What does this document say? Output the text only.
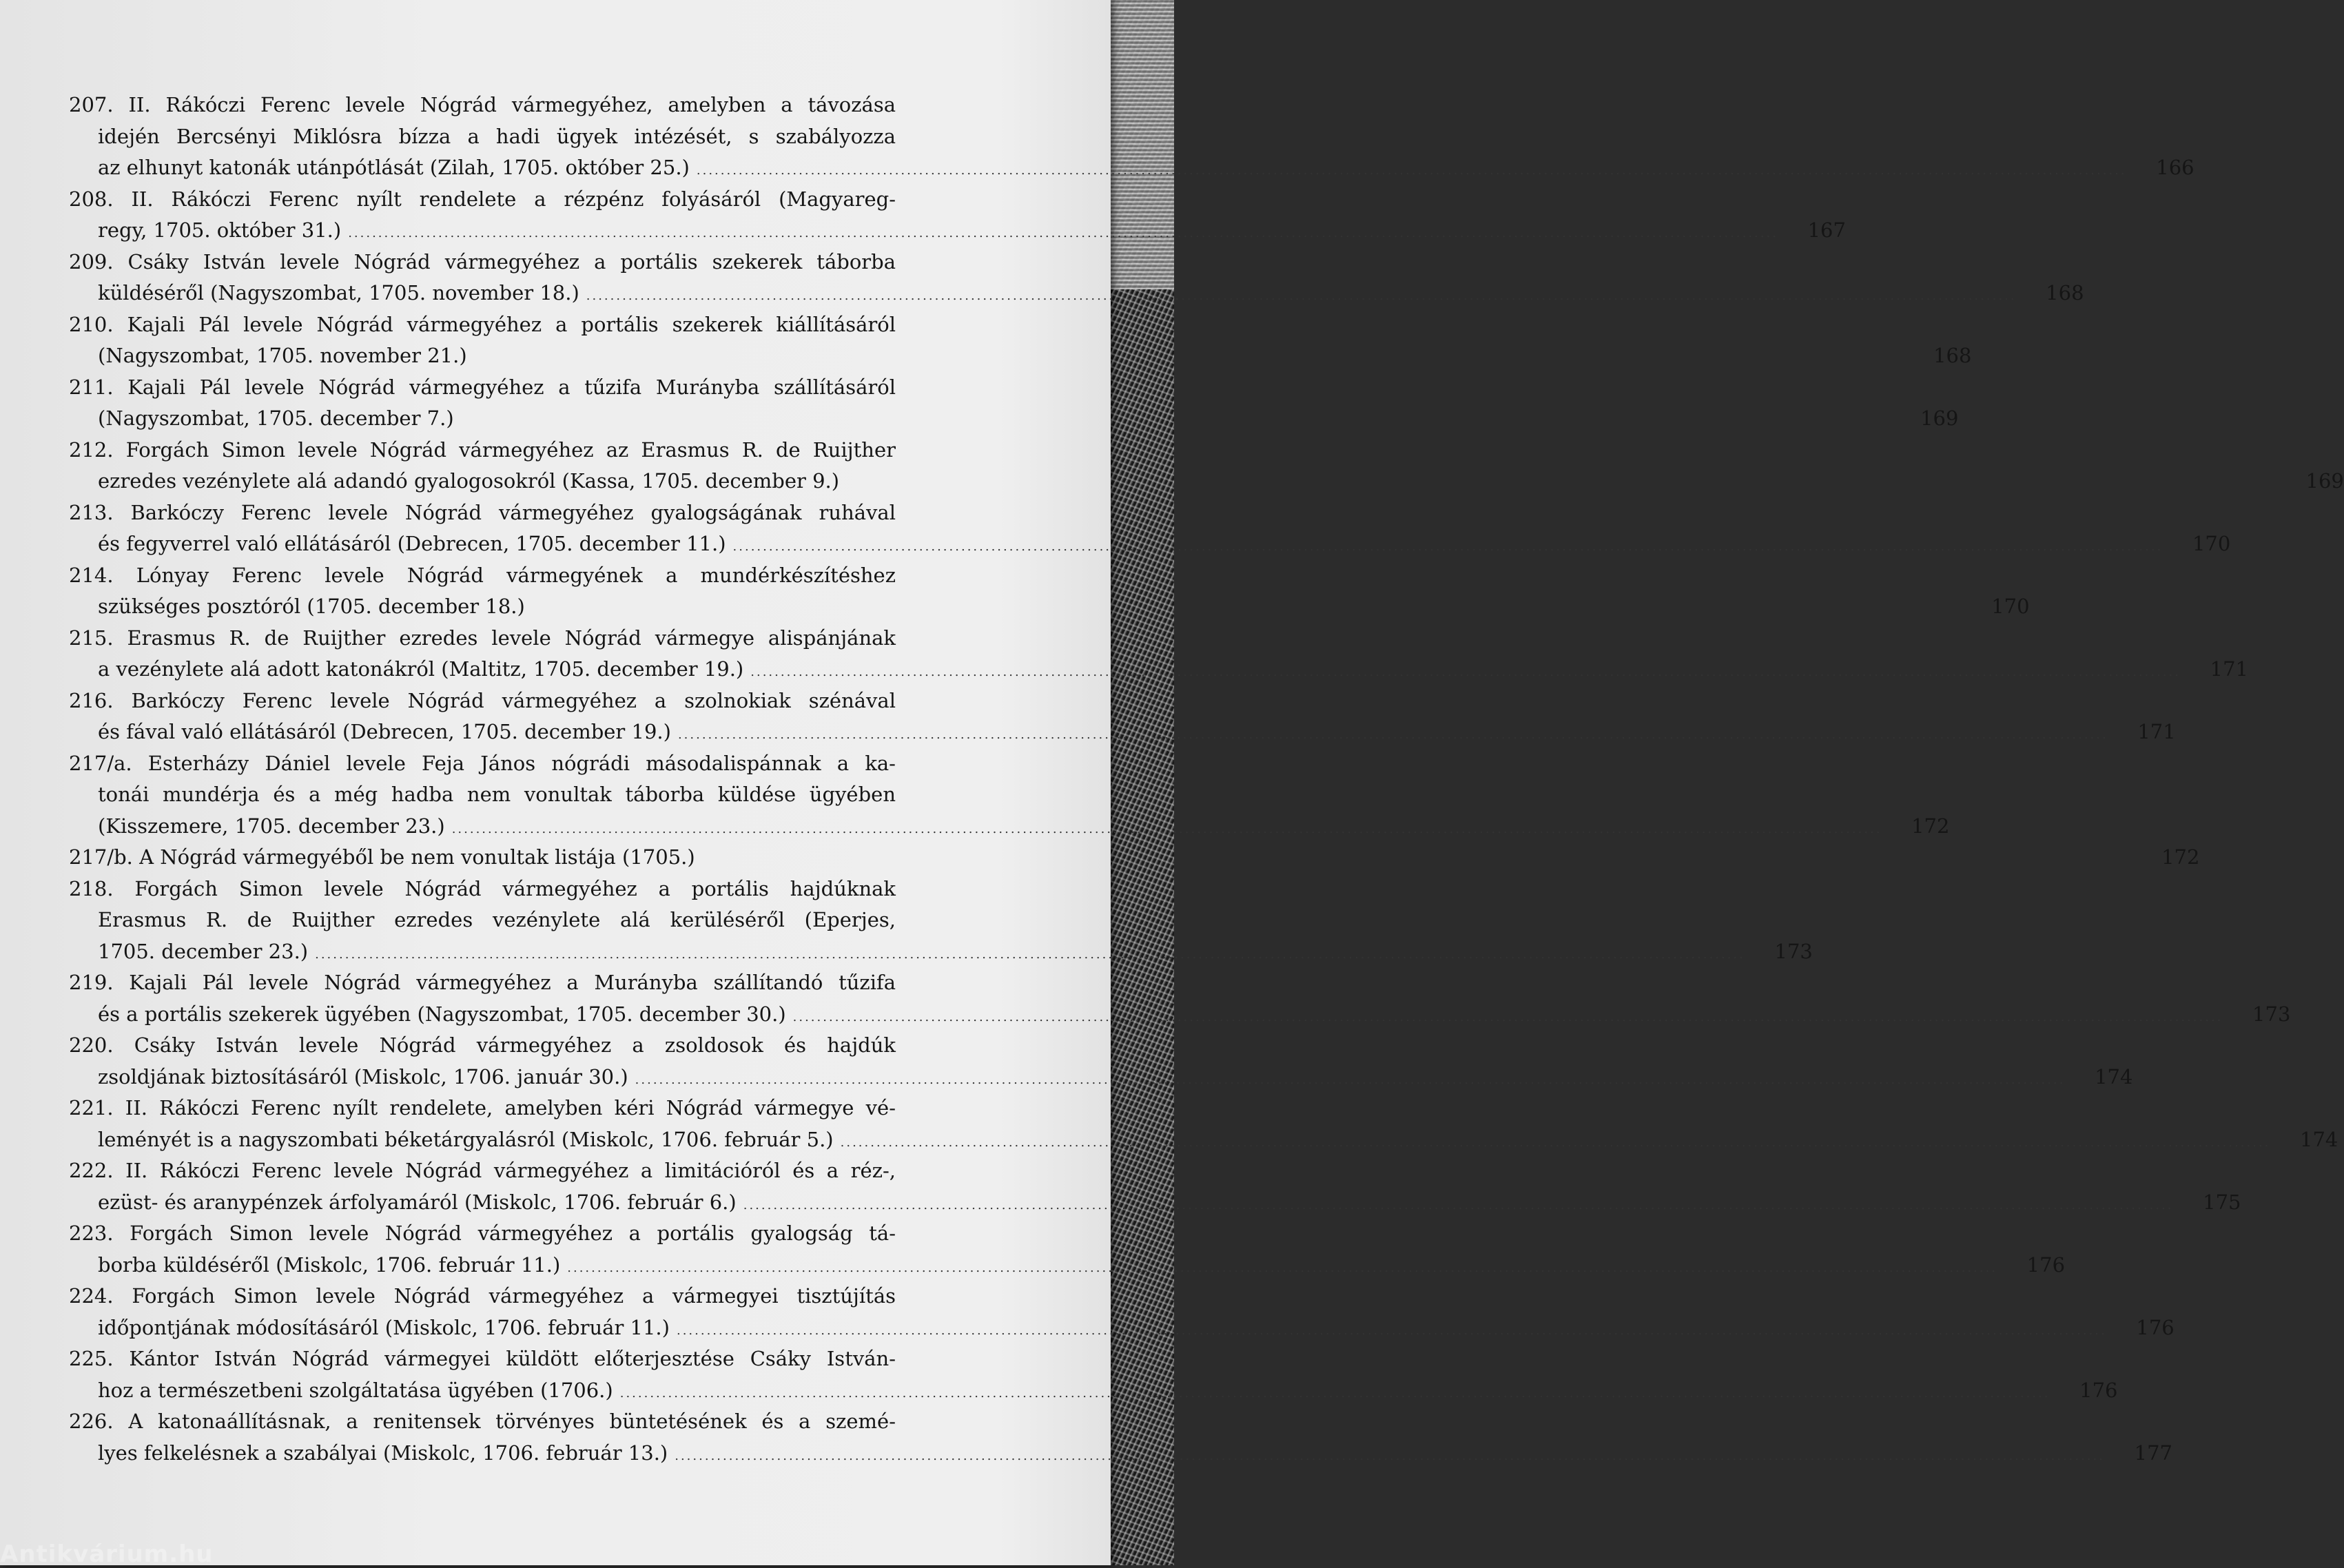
207. II. Rákóczi Ferenc levele Nógrád vármegyéhez, amelyben a távozása
idején Bercsényi Miklósra bízza a hadi ügyek intézését, s szabályozza
az elhunyt katonák utánpótlását (Zilah, 1705. október 25.) .....	166
208. II. Rákóczi Ferenc nyílt rendelete a rézpénz folyásáról (Magyareg-
regy, 1705. október 31.) .....	167
209. Csáky István levele Nógrád vármegyéhez a portális szekerek táborba
küldéséről (Nagyszombat, 1705. november 18.) .....	168
210. Kajali Pál levele Nógrád vármegyéhez a portális szekerek kiállításáról
(Nagyszombat, 1705. november 21.)	168
211. Kajali Pál levele Nógrád vármegyéhez a tűzifa Murányba szállításáról
(Nagyszombat, 1705. december 7.)	169
212. Forgách Simon levele Nógrád vármegyéhez az Erasmus R. de Ruijther
ezredes vezénylete alá adandó gyalogosokról (Kassa, 1705. december 9.)	169
213. Barkóczy Ferenc levele Nógrád vármegyéhez gyalogságának ruhával
és fegyverrel való ellátásáról (Debrecen, 1705. december 11.) .....	170
214. Lónyay Ferenc levele Nógrád vármegyének a mundérkészítéshez
szükséges posztóról (1705. december 18.)	170
215. Erasmus R. de Ruijther ezredes levele Nógrád vármegye alispánjának
a vezénylete alá adott katonákról (Maltitz, 1705. december 19.) .....	171
216. Barkóczy Ferenc levele Nógrád vármegyéhez a szolnokiak szénával
és fával való ellátásáról (Debrecen, 1705. december 19.) .....	171
217/a. Esterházy Dániel levele Feja János nógrádi másodalispánnak a ka-
tonái mundérja és a még hadba nem vonultak táborba küldése ügyében
(Kisszemere, 1705. december 23.) .....	172
217/b. A Nógrád vármegyéből be nem vonultak listája (1705.)	172
218. Forgách Simon levele Nógrád vármegyéhez a portális hajdúknak
Erasmus R. de Ruijther ezredes vezénylete alá kerüléséről (Eperjes,
1705. december 23.) .....	173
219. Kajali Pál levele Nógrád vármegyéhez a Murányba szállítandó tűzifa
és a portális szekerek ügyében (Nagyszombat, 1705. december 30.) .....	173
220. Csáky István levele Nógrád vármegyéhez a zsoldosok és hajdúk
zsoldjának biztosításáról (Miskolc, 1706. január 30.) .....	174
221. II. Rákóczi Ferenc nyílt rendelete, amelyben kéri Nógrád vármegye vé-
leményét is a nagyszombati béketárgyalásról (Miskolc, 1706. február 5.) .....	174
222. II. Rákóczi Ferenc levele Nógrád vármegyéhez a limitációról és a réz-,
ezüst- és aranypénzek árfolyamáról (Miskolc, 1706. február 6.) .....	175
223. Forgách Simon levele Nógrád vármegyéhez a portális gyalogság tá-
borba küldéséről (Miskolc, 1706. február 11.) .....	176
224. Forgách Simon levele Nógrád vármegyéhez a vármegyei tisztújítás
időpontjának módosításáról (Miskolc, 1706. február 11.) .....	176
225. Kántor István Nógrád vármegyei küldött előterjesztése Csáky István-
hoz a természetbeni szolgáltatása ügyében (1706.) .....	176
226. A katonaállításnak, a renitensek törvényes büntetésének és a szemé-
lyes felkelésnek a szabályai (Miskolc, 1706. február 13.) .....	177
Antikvárium.hu
